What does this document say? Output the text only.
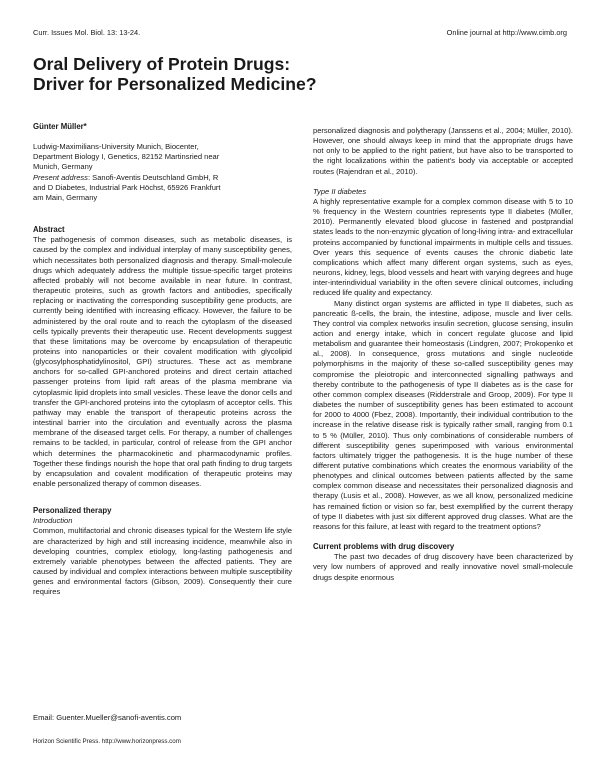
Curr. Issues Mol. Biol. 13: 13-24.	Online journal at http://www.cimb.org
Oral Delivery of Protein Drugs:
Driver for Personalized Medicine?

Günter Müller*

Ludwig-Maximilians-University Munich, Biocenter,
Department Biology I, Genetics, 82152 Martinsried near
Munich, Germany
Present address: Sanofi-Aventis Deutschland GmbH, R
and D Diabetes, Industrial Park Höchst, 65926 Frankfurt
am Main, Germany

Abstract

The pathogenesis of common diseases, such as metabolic diseases, is caused by the complex and individual interplay of many susceptibility genes, which necessitates both personalized diagnosis and therapy. Small-molecule drugs which adequately address the multiple tissue-specific target proteins affected probably will not become available in near future. In contrast, therapeutic proteins, such as growth factors and antibodies, specifically replacing or inactivating the corresponding susceptibility gene products, are currently being identified with increasing efficacy. However, the failure to be administered by the oral route and to reach the cytoplasm of the diseased cells typically prevents their therapeutic use. Recent developments suggest that these limitations may be overcome by encapsulation of therapeutic proteins into nanoparticles or their covalent modification with glycolipid (glycosylphosphatidylinositol, GPI) structures. These act as membrane anchors for so-called GPI-anchored proteins and direct certain attached passenger proteins from lipid raft areas of the plasma membrane via cytoplasmic lipid droplets into small vesicles. These leave the donor cells and transfer the GPI-anchored proteins into the cytoplasm of acceptor cells. This pathway may enable the transport of therapeutic proteins across the intestinal barrier into the circulation and eventually across the plasma membrane of the diseased target cells. For therapy, a number of challenges remains to be tackled, in particular, control of release from the GPI anchor which determines the pharmacokinetic and pharmacodynamic profiles. Together these findings nourish the hope that oral path finding to drug targets by encapsulation and covalent modification of therapeutic proteins may enable personalized therapy of common diseases.

Personalized therapy

Introduction

Common, multifactorial and chronic diseases typical for the Western life style are characterized by high and still increasing incidence, meanwhile also in developing countries, complex etiology, long-lasting pathogenesis and extremely variable phenotypes between the affected patients. They are caused by individual and complex interactions between multiple susceptibility genes and environmental factors (Gibson, 2009). Consequently their cure requires

personalized diagnosis and polytherapy (Janssens et al., 2004; Müller, 2010). However, one should always keep in mind that the appropriate drugs have not only to be applied to the right patient, but have also to be transported to the right localizations within the patient's body via acceptable or accepted routes (Rajendran et al., 2010).

Type II diabetes

A highly representative example for a complex common disease with 5 to 10 % frequency in the Western countries represents type II diabetes (Müller, 2010). Permanently elevated blood glucose in fastened and postprandial states leads to the non-enzymic glycation of long-living intra- and extracellular proteins accompanied by functional impairments in multiple cells and tissues. Over years this sequence of events causes the chronic diabetic late complications which affect many different organ systems, such as eyes, neurons, kidney, legs, blood vessels and heart with varying degrees and huge inter-interindividual variability in the often severe clinical outcomes, including reduced life quality and expectancy.

Many distinct organ systems are afflicted in type II diabetes, such as pancreatic ß-cells, the brain, the intestine, adipose, muscle and liver cells. They control via complex networks insulin secretion, glucose sensing, insulin action and energy intake, which in concert regulate glucose and lipid metabolism and guarantee their homeostasis (Lindgren, 2007; Prokopenko et al., 2008). In consequence, gross mutations and single nucleotide polymorphisms in the majority of these so-called susceptibility genes may compromise the pleiotropic and interconnected signalling pathways and thereby contribute to the pathogenesis of type II diabetes as is the case for other common complex diseases (Ridderstrale and Groop, 2009). For type II diabetes the number of susceptibility genes has been estimated to account for 2000 to 4000 (Fbez, 2008). Importantly, their individual contribution to the increase in the relative disease risk is typically rather small, ranging from 0.1 to 5 % (Müller, 2010). Thus only combinations of considerable numbers of different susceptibility genes superimposed with various environmental factors ultimately trigger the pathogenesis. It is the huge number of these different putative combinations which creates the enormous variability of the phenotypes and clinical outcomes between patients affected by the same complex common disease and necessitates their personalized diagnosis and therapy (Lusis et al., 2008). However, as we all know, personalized medicine has remained fiction or vision so far, best exemplified by the current therapy of type II diabetes with just six different approved drug classes. What are the reasons for this failure, at least with regard to the treatment options?

Current problems with drug discovery

The past two decades of drug discovery have been characterized by very low numbers of approved and really innovative novel small-molecule drugs despite enormous

Email: Guenter.Mueller@sanofi-aventis.com
Horizon Scientific Press. http://www.horizonpress.com
